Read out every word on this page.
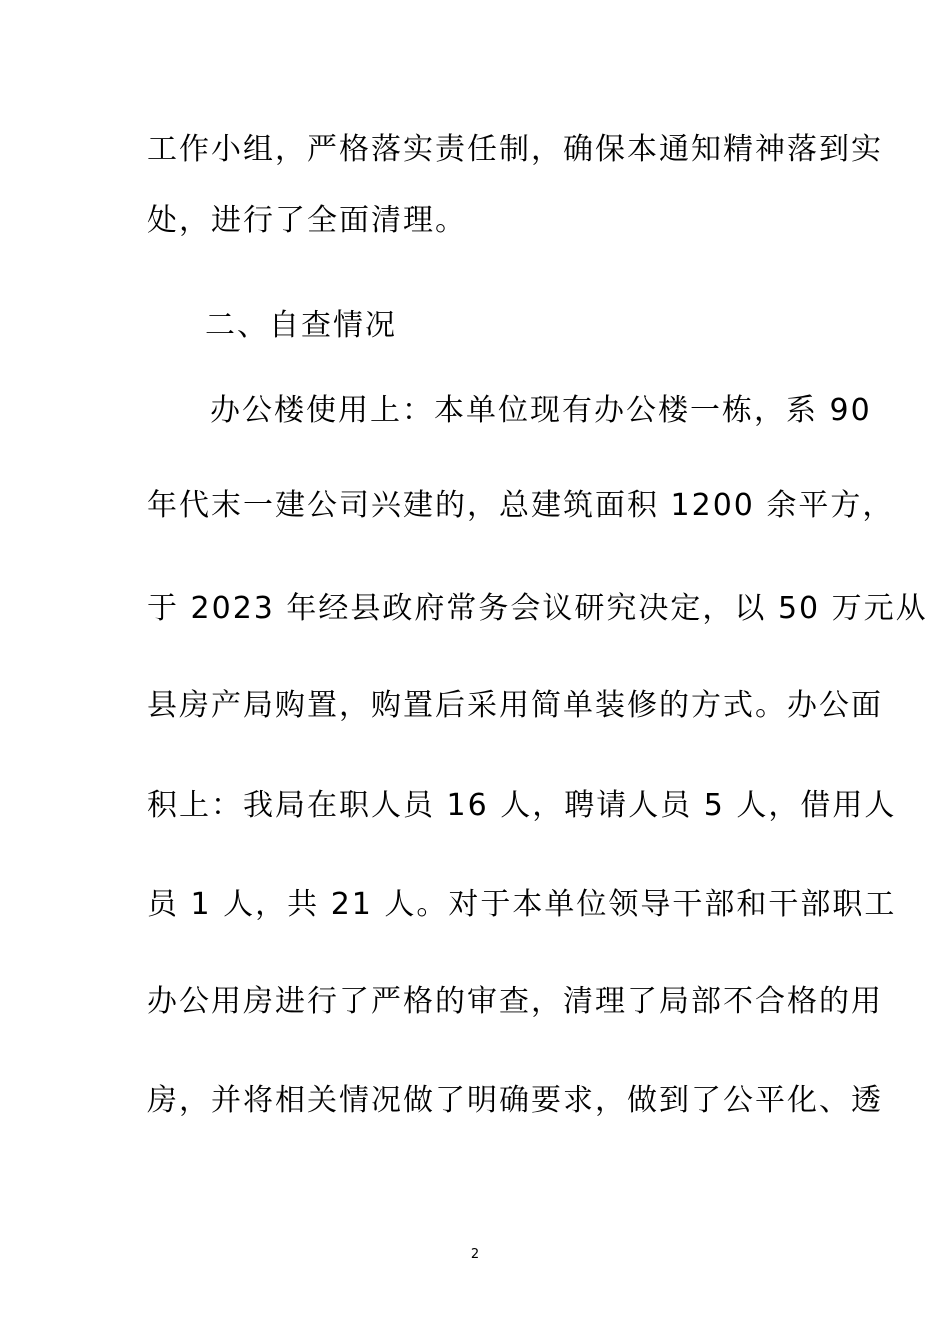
工作小组，严格落实责任制，确保本通知精神落到实
处，进行了全面清理。
二、自查情况
办公楼使用上：本单位现有办公楼一栋，系 90
年代末一建公司兴建的，总建筑面积 1200 余平方，
于 2023 年经县政府常务会议研究决定，以 50 万元从
县房产局购置，购置后采用简单装修的方式。办公面
积上：我局在职人员 16 人，聘请人员 5 人，借用人
员 1 人，共 21 人。对于本单位领导干部和干部职工
办公用房进行了严格的审查，清理了局部不合格的用
房，并将相关情况做了明确要求，做到了公平化、透
2
